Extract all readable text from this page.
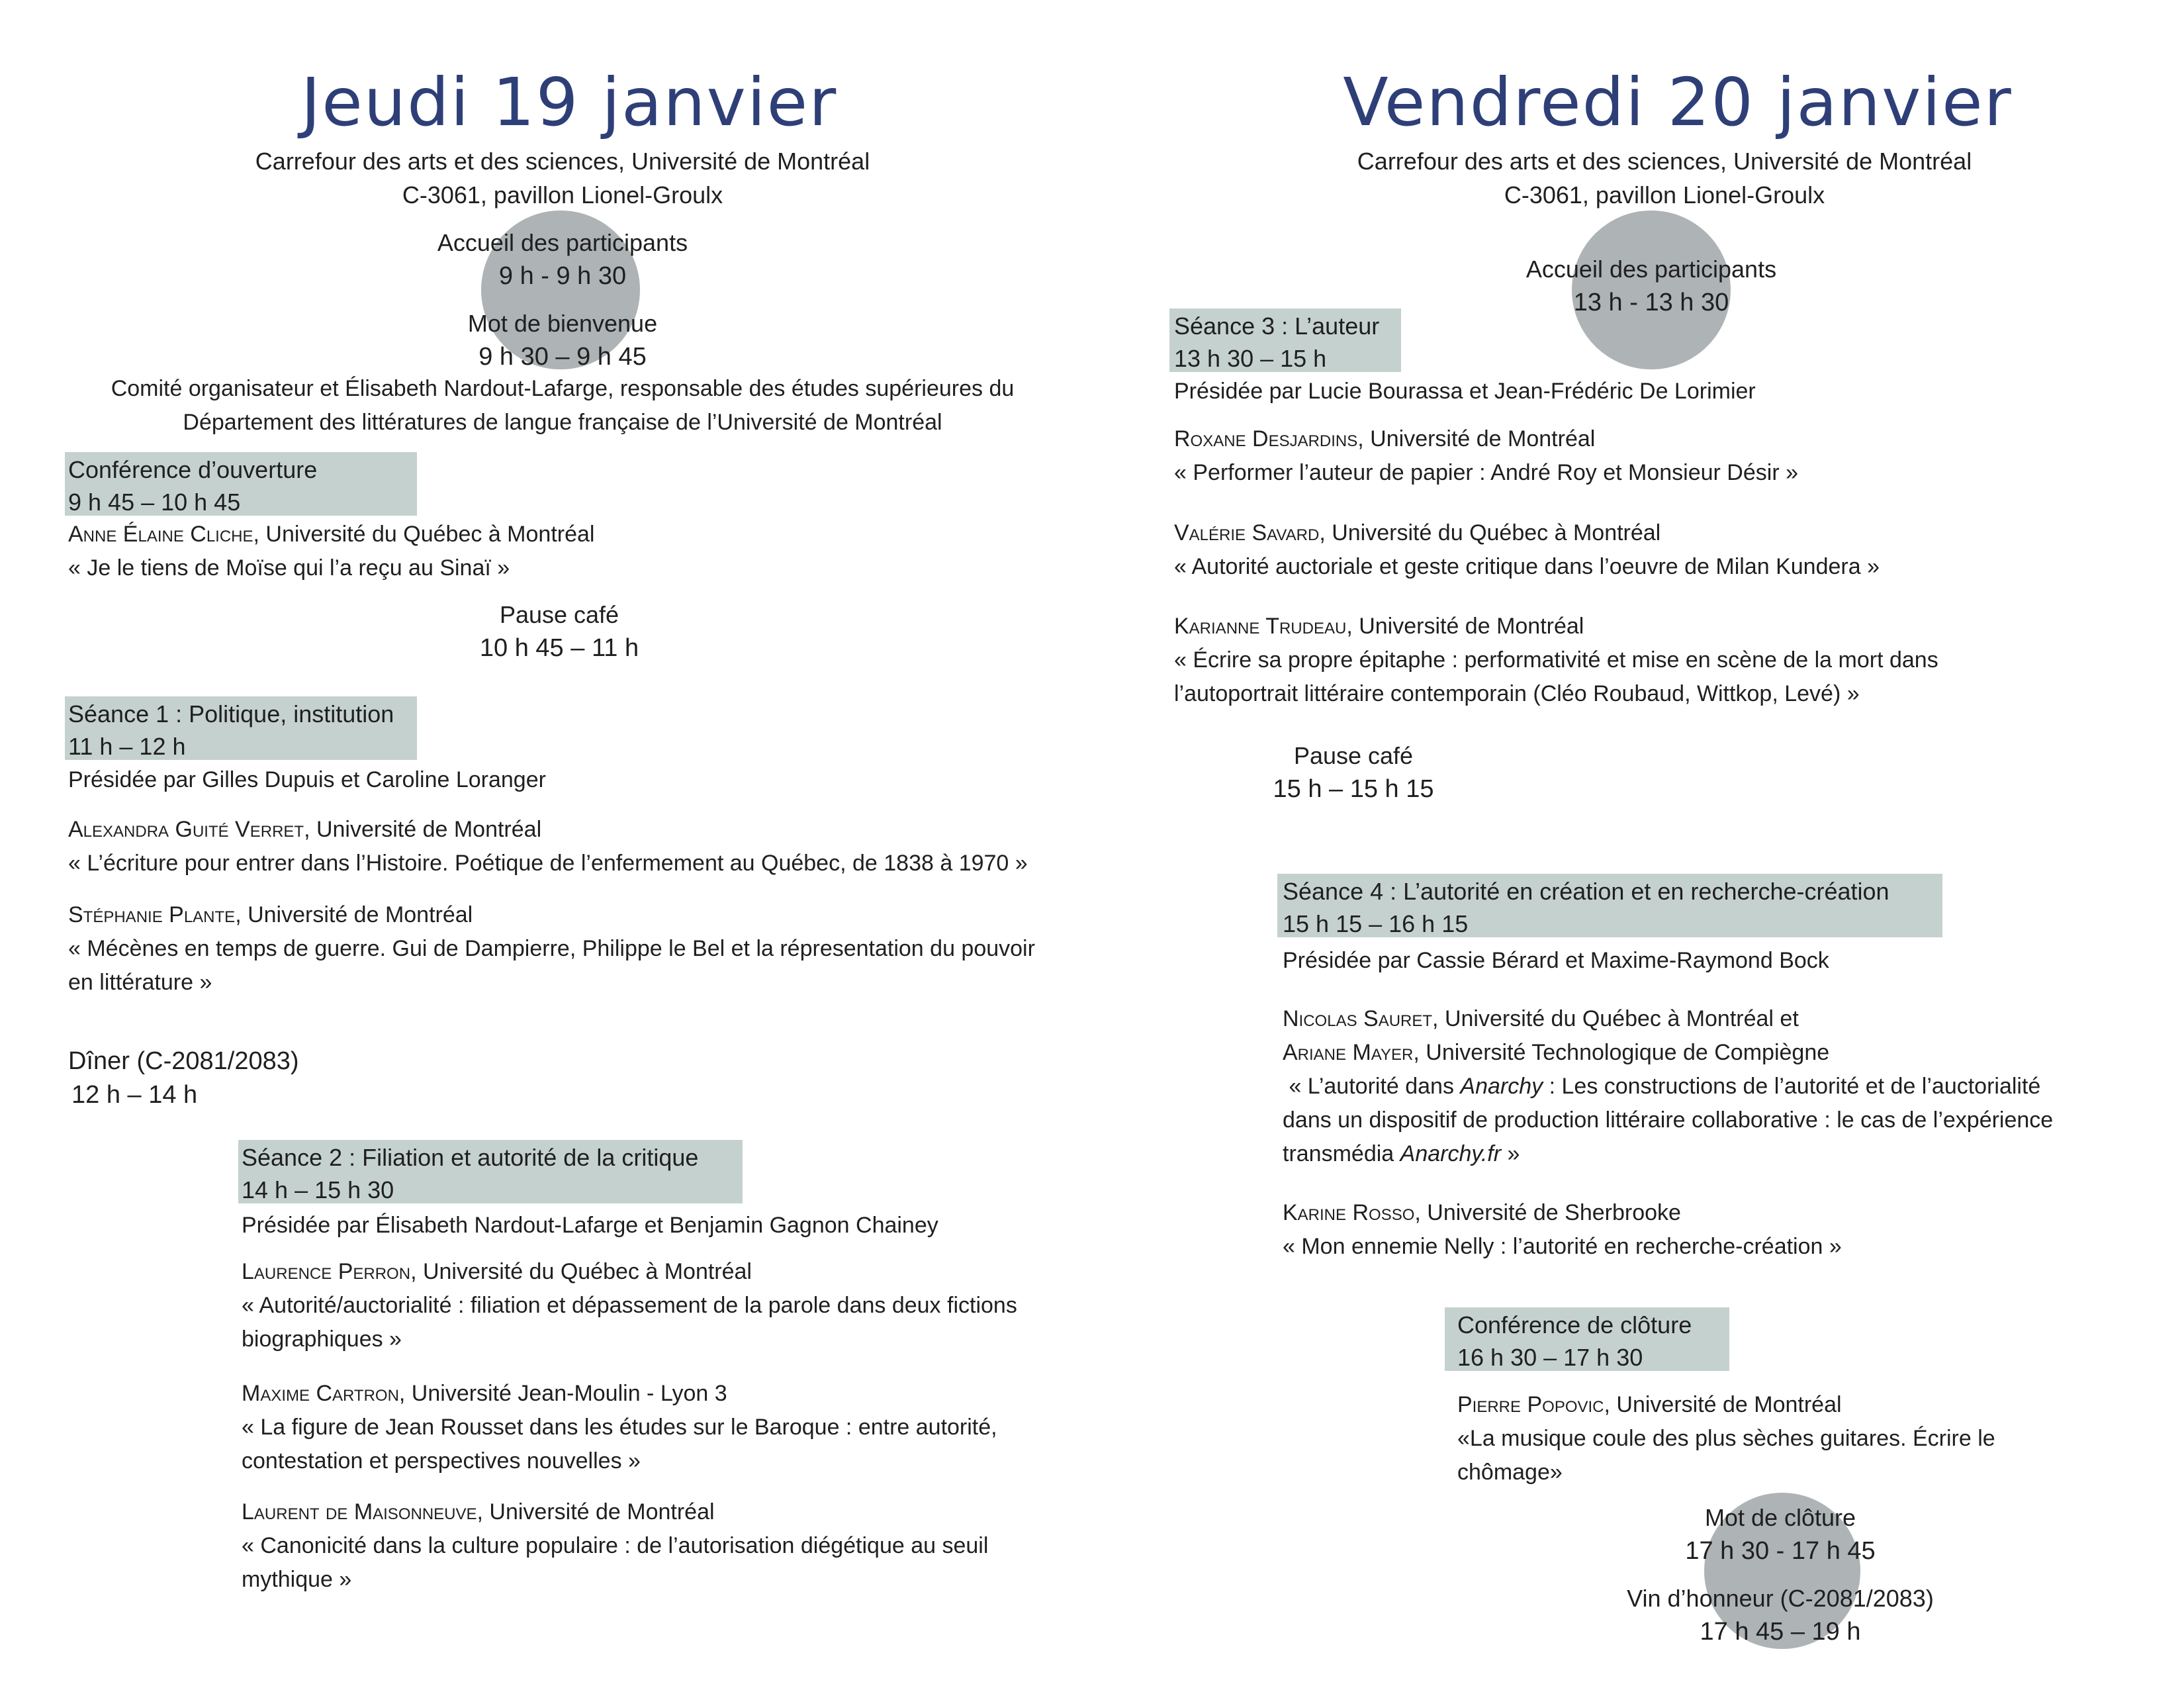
Jeudi 19 janvier
Carrefour des arts et des sciences, Université de Montréal
C-3061, pavillon Lionel-Groulx
Accueil des participants
9 h - 9 h 30
Mot de bienvenue
9 h 30 – 9 h 45
Comité organisateur et Élisabeth Nardout-Lafarge, responsable des études supérieures du
Département des littératures de langue française de l’Université de Montréal
Conférence d’ouverture
9 h 45 – 10 h 45
Anne Élaine Cliche, Université du Québec à Montréal
« Je le tiens de Moïse qui l’a reçu au Sinaï »
Pause café
10 h 45 – 11 h
Séance 1 : Politique, institution
11 h – 12 h
Présidée par Gilles Dupuis et Caroline Loranger
Alexandra Guité Verret, Université de Montréal
« L’écriture pour entrer dans l’Histoire. Poétique de l’enfermement au Québec, de 1838 à 1970 »
Stéphanie Plante, Université de Montréal
« Mécènes en temps de guerre. Gui de Dampierre, Philippe le Bel et la répresentation du pouvoir
en littérature »
Dîner (C-2081/2083)
12 h – 14 h
Séance 2 : Filiation et autorité de la critique
14 h – 15 h 30
Présidée par Élisabeth Nardout-Lafarge et Benjamin Gagnon Chainey
Laurence Perron, Université du Québec à Montréal
« Autorité/auctorialité : filiation et dépassement de la parole dans deux fictions
biographiques »
Maxime Cartron, Université Jean-Moulin - Lyon 3
« La figure de Jean Rousset dans les études sur le Baroque : entre autorité,
contestation et perspectives nouvelles »
Laurent de Maisonneuve, Université de Montréal
« Canonicité dans la culture populaire : de l’autorisation diégétique au seuil
mythique »
Vendredi 20 janvier
Carrefour des arts et des sciences, Université de Montréal
C-3061, pavillon Lionel-Groulx
Accueil des participants
13 h - 13 h 30
Séance 3 : L’auteur
13 h 30 – 15 h
Présidée par Lucie Bourassa et Jean-Frédéric De Lorimier
Roxane Desjardins, Université de Montréal
« Performer l’auteur de papier : André Roy et Monsieur Désir »
Valérie Savard, Université du Québec à Montréal
« Autorité auctoriale et geste critique dans l’oeuvre de Milan Kundera »
Karianne Trudeau, Université de Montréal
« Écrire sa propre épitaphe : performativité et mise en scène de la mort dans
l’autoportrait littéraire contemporain (Cléo Roubaud, Wittkop, Levé) »
Pause café
15 h – 15 h 15
Séance 4 : L’autorité en création et en recherche-création
15 h 15 – 16 h 15
Présidée par Cassie Bérard et Maxime-Raymond Bock
Nicolas Sauret, Université du Québec à Montréal et
Ariane Mayer, Université Technologique de Compiègne
« L’autorité dans Anarchy : Les constructions de l’autorité et de l’auctorialité
dans un dispositif de production littéraire collaborative : le cas de l’expérience
transmédia Anarchy.fr »
Karine Rosso, Université de Sherbrooke
« Mon ennemie Nelly : l’autorité en recherche-création »
Conférence de clôture
16 h 30 – 17 h 30
Pierre Popovic, Université de Montréal
«La musique coule des plus sèches guitares. Écrire le
chômage»
Mot de clôture
17 h 30 - 17 h 45
Vin d’honneur (C-2081/2083)
17 h 45 – 19 h
